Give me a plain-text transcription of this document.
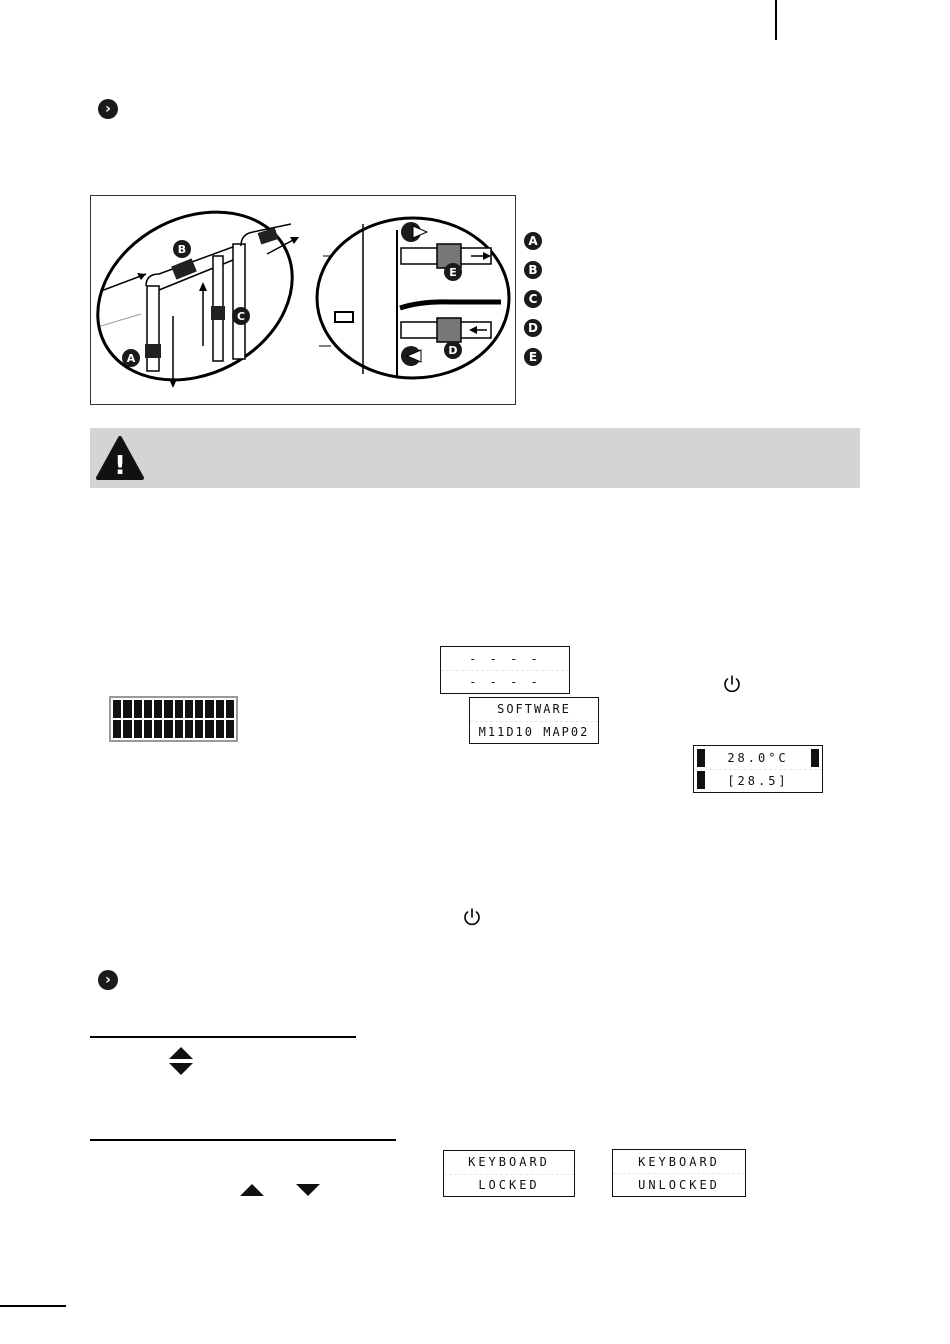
›
B
C
A
E
D
A
B
C
D
E
!
- - - -
- - - -
SOFTWARE
M11D10 MAP02
28.0°C
[28.5]
›
KEYBOARD
LOCKED
KEYBOARD
UNLOCKED
